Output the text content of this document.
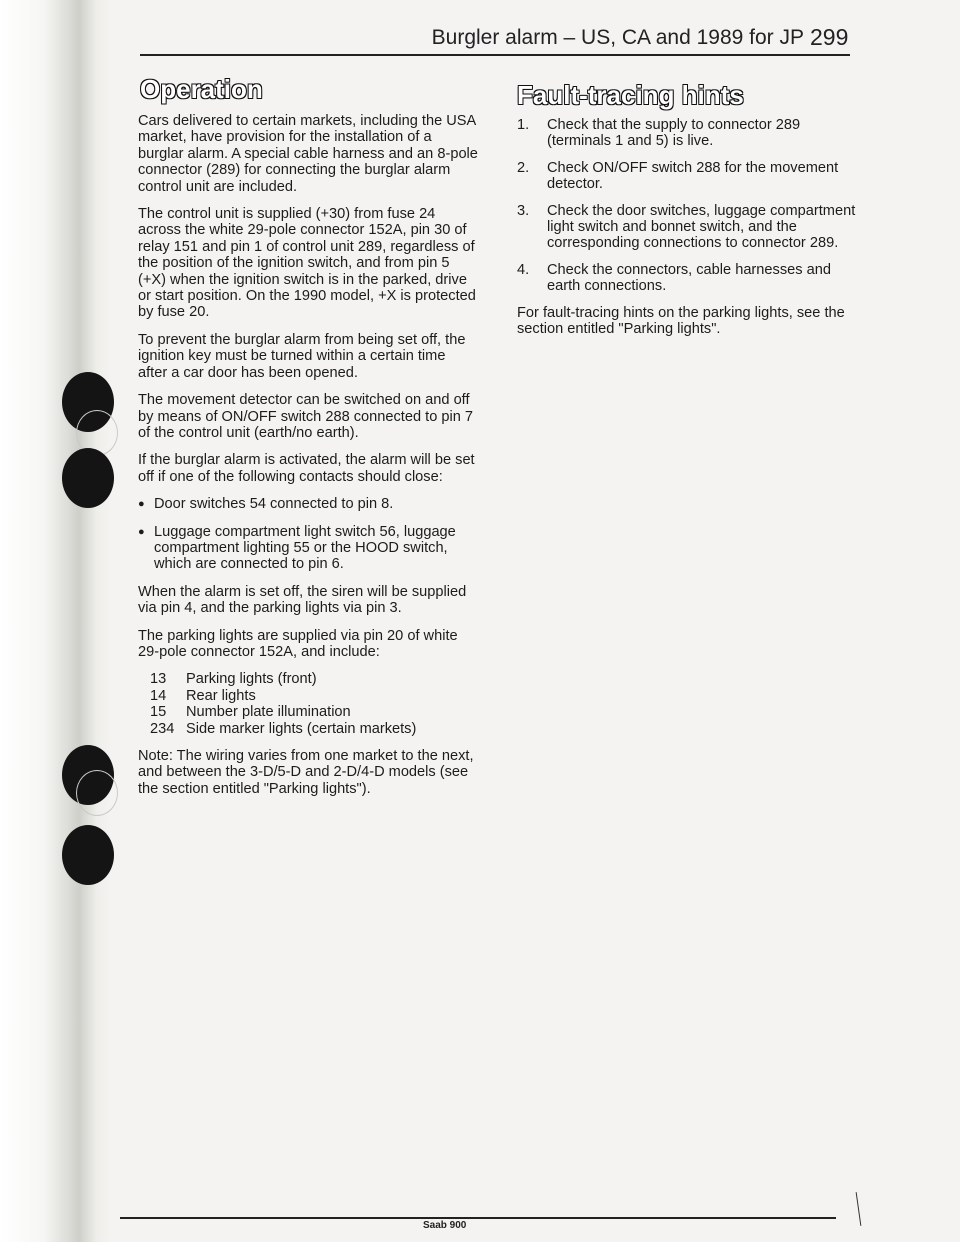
Burgler alarm – US, CA and 1989 for JP 299
Operation

Cars delivered to certain markets, including the USA market, have provision for the installation of a burglar alarm. A special cable harness and an 8-pole connector (289) for connecting the burglar alarm control unit are included.

The control unit is supplied (+30) from fuse 24 across the white 29-pole connector 152A, pin 30 of relay 151 and pin 1 of control unit 289, regardless of the position of the ignition switch, and from pin 5 (+X) when the ignition switch is in the parked, drive or start position. On the 1990 model, +X is protected by fuse 20.

To prevent the burglar alarm from being set off, the ignition key must be turned within a certain time after a car door has been opened.

The movement detector can be switched on and off by means of ON/OFF switch 288 connected to pin 7 of the control unit (earth/no earth).

If the burglar alarm is activated, the alarm will be set off if one of the following contacts should close:

● Door switches 54 connected to pin 8.
● Luggage compartment light switch 56, luggage compartment lighting 55 or the HOOD switch, which are connected to pin 6.

When the alarm is set off, the siren will be supplied via pin 4, and the parking lights via pin 3.

The parking lights are supplied via pin 20 of white 29-pole connector 152A, and include:

13	Parking lights (front)
14	Rear lights
15	Number plate illumination
234 Side marker lights (certain markets)

Note: The wiring varies from one market to the next, and between the 3-D/5-D and 2-D/4-D models (see the section entitled "Parking lights").

Fault-tracing hints
1.	Check that the supply to connector 289 (terminals 1 and 5) is live.
2.	Check ON/OFF switch 288 for the movement detector.
3.	Check the door switches, luggage compartment light switch and bonnet switch, and the corresponding connections to connector 289.
4.	Check the connectors, cable harnesses and earth connections.

For fault-tracing hints on the parking lights, see the section entitled "Parking lights".

Saab 900
